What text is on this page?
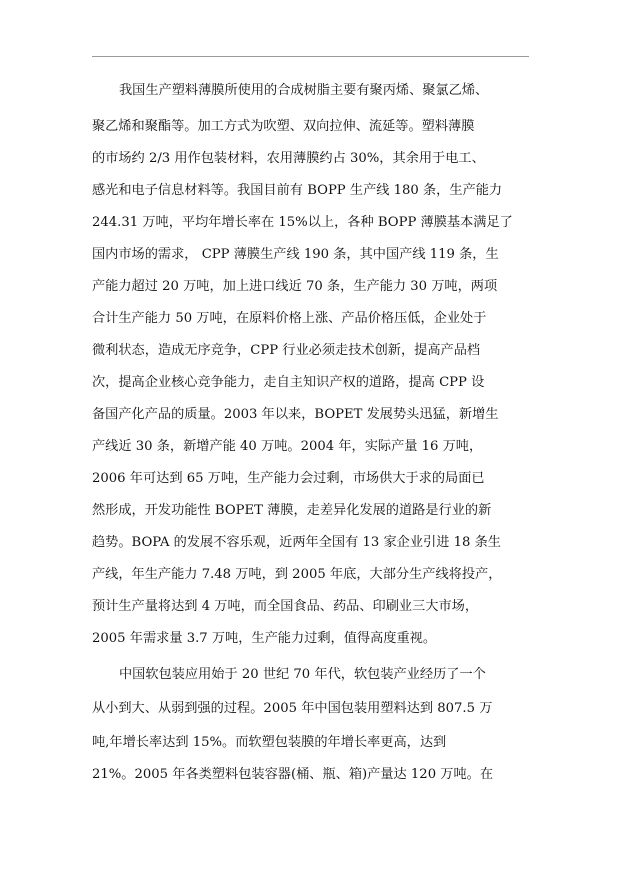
我国生产塑料薄膜所使用的合成树脂主要有聚丙烯、聚氯乙烯、
聚乙烯和聚酯等。加工方式为吹塑、双向拉伸、流延等。塑料薄膜
的市场约 2/3 用作包装材料，农用薄膜约占 30%，其余用于电工、
感光和电子信息材料等。我国目前有 BOPP 生产线 180 条，生产能力
244.31 万吨，平均年增长率在 15%以上，各种 BOPP 薄膜基本满足了
国内市场的需求， CPP 薄膜生产线 190 条，其中国产线 119 条，生
产能力超过 20 万吨，加上进口线近 70 条，生产能力 30 万吨，两项
合计生产能力 50 万吨，在原料价格上涨、产品价格压低，企业处于
微利状态，造成无序竞争，CPP 行业必须走技术创新，提高产品档
次，提高企业核心竞争能力，走自主知识产权的道路，提高 CPP 设
备国产化产品的质量。2003 年以来，BOPET 发展势头迅猛，新增生
产线近 30 条，新增产能 40 万吨。2004 年，实际产量 16 万吨，
2006 年可达到 65 万吨，生产能力会过剩，市场供大于求的局面已
然形成，开发功能性 BOPET 薄膜，走差异化发展的道路是行业的新
趋势。BOPA 的发展不容乐观，近两年全国有 13 家企业引进 18 条生
产线，年生产能力 7.48 万吨，到 2005 年底，大部分生产线将投产，
预计生产量将达到 4 万吨，而全国食品、药品、印刷业三大市场，
2005 年需求量 3.7 万吨，生产能力过剩，值得高度重视。
中国软包装应用始于 20 世纪 70 年代，软包装产业经历了一个
从小到大、从弱到强的过程。2005 年中国包装用塑料达到 807.5 万
吨,年增长率达到 15%。而软塑包装膜的年增长率更高，达到
21%。2005 年各类塑料包装容器(桶、瓶、箱)产量达 120 万吨。在
